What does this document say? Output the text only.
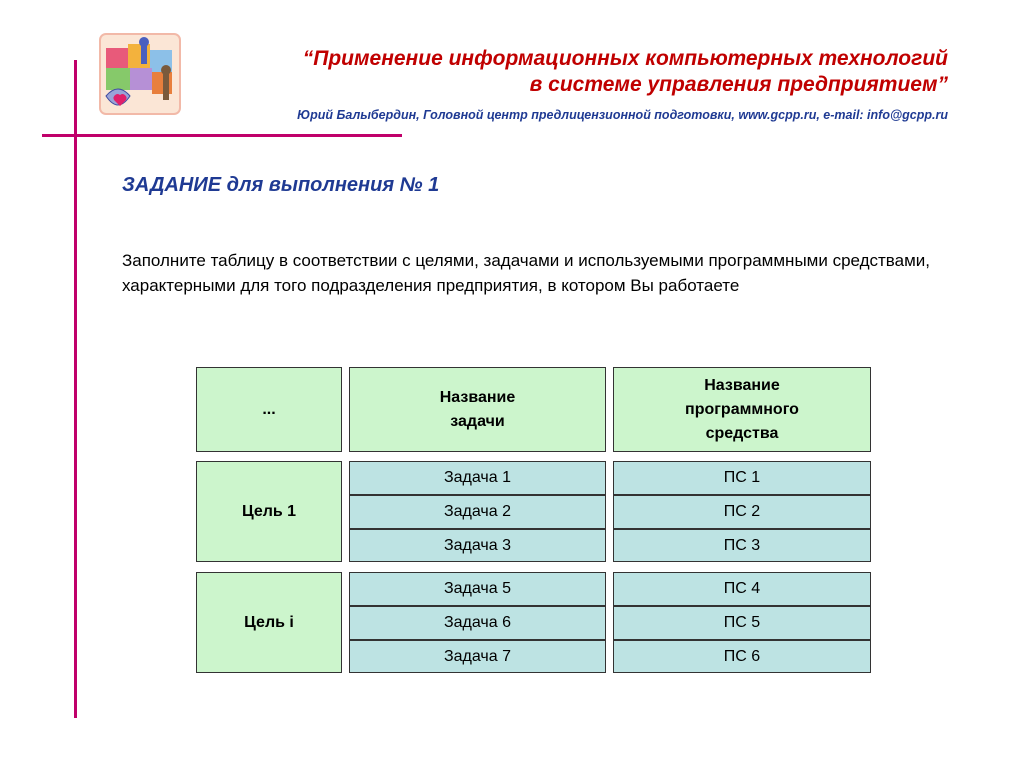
“Применение информационных компьютерных технологий
в системе управления предприятием”
Юрий Балыбердин, Головной центр предлицензионной подготовки, www.gcpp.ru, e-mail: info@gcpp.ru
ЗАДАНИЕ для выполнения № 1
Заполните таблицу в соответствии с целями, задачами и используемыми программными средствами, характерными для того подразделения предприятия, в котором Вы работаете
...
Название
задачи
Название
программного
средства
Цель 1
Задача 1
Задача 2
Задача 3
ПС 1
ПС 2
ПС 3
Цель i
Задача 5
Задача 6
Задача 7
ПС 4
ПС 5
ПС 6
